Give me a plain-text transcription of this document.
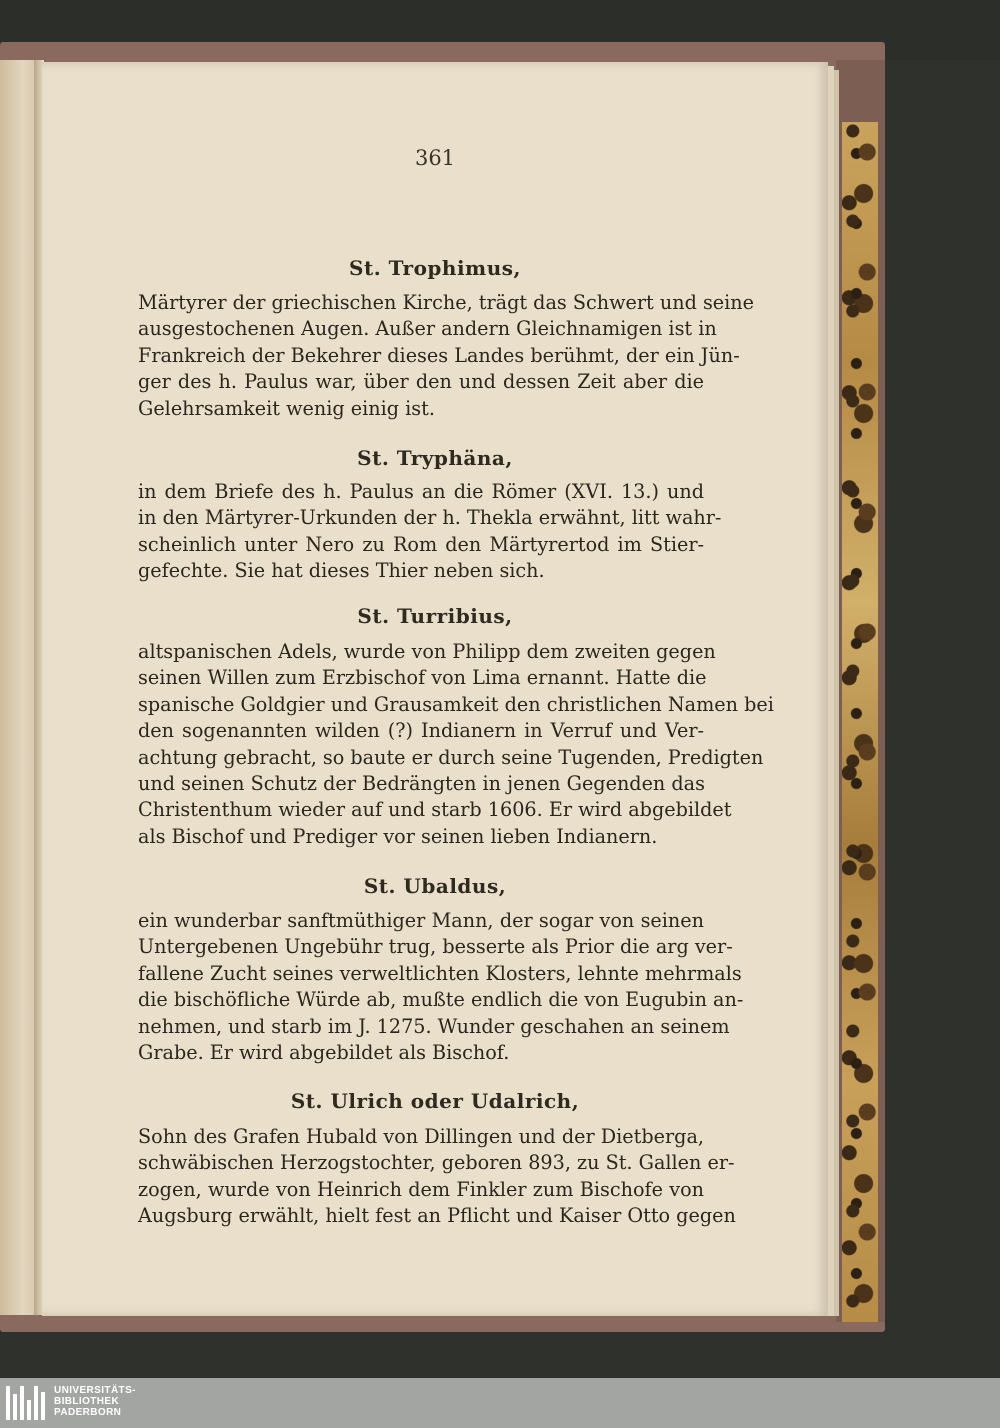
361
St. Trophimus,
Märtyrer der griechischen Kirche, trägt das Schwert und seine
ausgestochenen Augen. Außer andern Gleichnamigen ist in
Frankreich der Bekehrer dieses Landes berühmt, der ein Jün-
ger des h. Paulus war, über den und dessen Zeit aber die
Gelehrsamkeit wenig einig ist.
St. Tryphäna,
in dem Briefe des h. Paulus an die Römer (XVI. 13.) und
in den Märtyrer-Urkunden der h. Thekla erwähnt, litt wahr-
scheinlich unter Nero zu Rom den Märtyrertod im Stier-
gefechte. Sie hat dieses Thier neben sich.
St. Turribius,
altspanischen Adels, wurde von Philipp dem zweiten gegen
seinen Willen zum Erzbischof von Lima ernannt. Hatte die
spanische Goldgier und Grausamkeit den christlichen Namen bei
den sogenannten wilden (?) Indianern in Verruf und Ver-
achtung gebracht, so baute er durch seine Tugenden, Predigten
und seinen Schutz der Bedrängten in jenen Gegenden das
Christenthum wieder auf und starb 1606. Er wird abgebildet
als Bischof und Prediger vor seinen lieben Indianern.
St. Ubaldus,
ein wunderbar sanftmüthiger Mann, der sogar von seinen
Untergebenen Ungebühr trug, besserte als Prior die arg ver-
fallene Zucht seines verweltlichten Klosters, lehnte mehrmals
die bischöfliche Würde ab, mußte endlich die von Eugubin an-
nehmen, und starb im J. 1275. Wunder geschahen an seinem
Grabe. Er wird abgebildet als Bischof.
St. Ulrich oder Udalrich,
Sohn des Grafen Hubald von Dillingen und der Dietberga,
schwäbischen Herzogstochter, geboren 893, zu St. Gallen er-
zogen, wurde von Heinrich dem Finkler zum Bischofe von
Augsburg erwählt, hielt fest an Pflicht und Kaiser Otto gegen
UNIVERSITÄTS-
BIBLIOTHEK
PADERBORN
